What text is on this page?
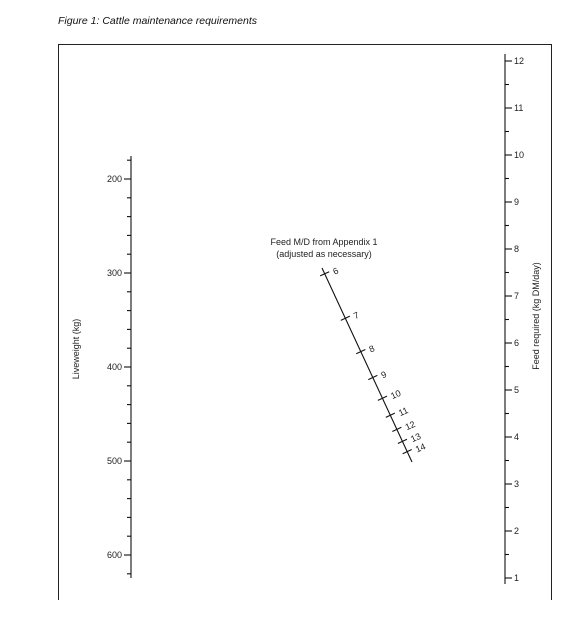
Figure 1: Cattle maintenance requirements
200
300
400
500
600
6
7
8
9
10
11
12
13
14
1
2
3
4
5
6
7
8
9
10
11
12
Liveweight (kg)	Feed required (kg DM/day)
Feed M/D from Appendix 1
(adjusted as necessary)
